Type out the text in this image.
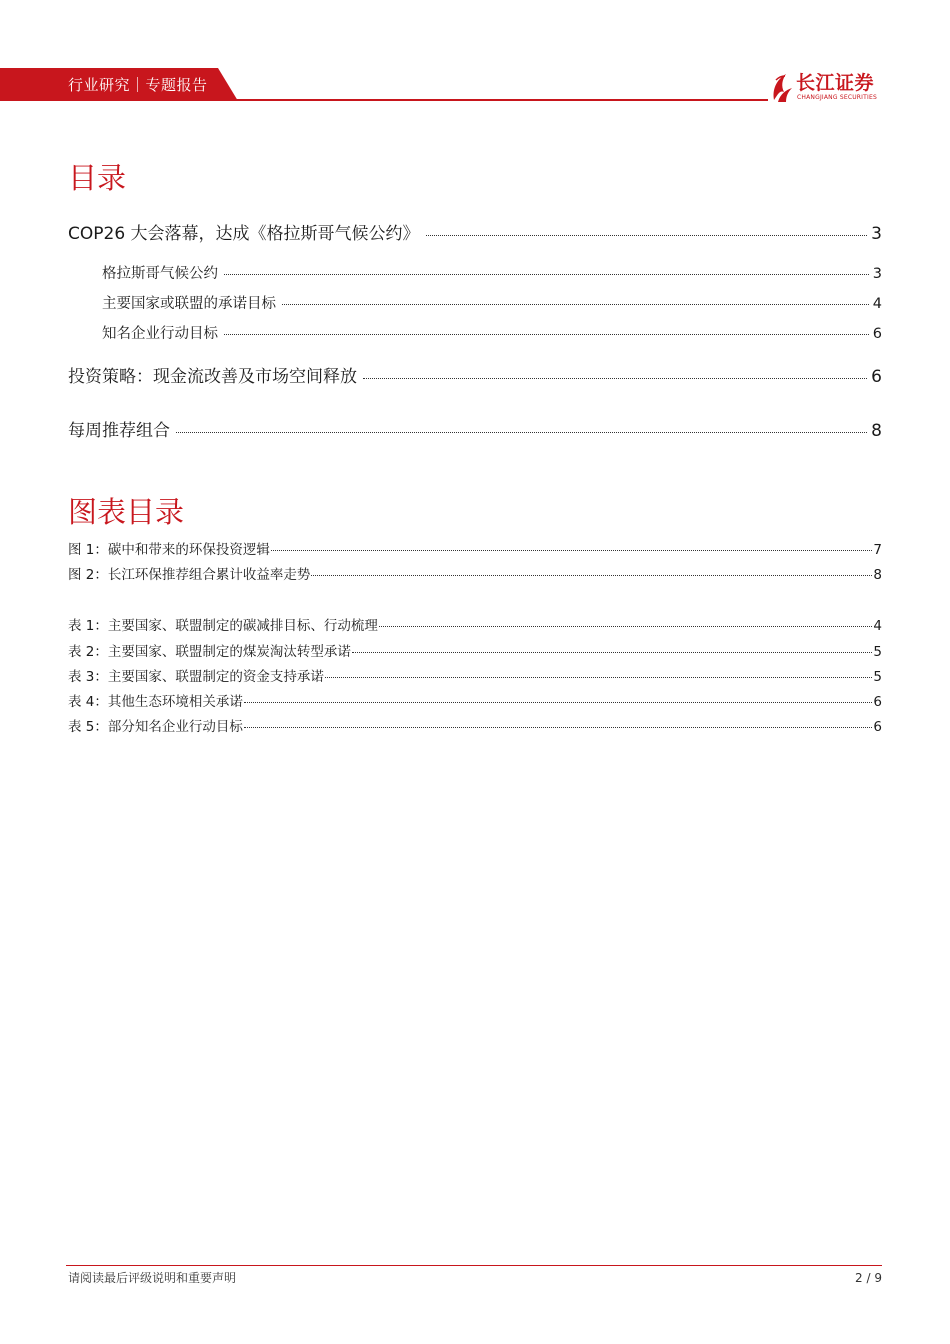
行业研究｜专题报告	长江证券
CHANGJIANG SECURITIES
目录
COP26 大会落幕，达成《格拉斯哥气候公约》	3
格拉斯哥气候公约	3
主要国家或联盟的承诺目标	4
知名企业行动目标	6
投资策略：现金流改善及市场空间释放	6
每周推荐组合	8
图表目录
图 1：碳中和带来的环保投资逻辑	7
图 2：长江环保推荐组合累计收益率走势	8
表 1：主要国家、联盟制定的碳减排目标、行动梳理	4
表 2：主要国家、联盟制定的煤炭淘汰转型承诺	5
表 3：主要国家、联盟制定的资金支持承诺	5
表 4：其他生态环境相关承诺	6
表 5：部分知名企业行动目标	6
请阅读最后评级说明和重要声明	2 / 9
